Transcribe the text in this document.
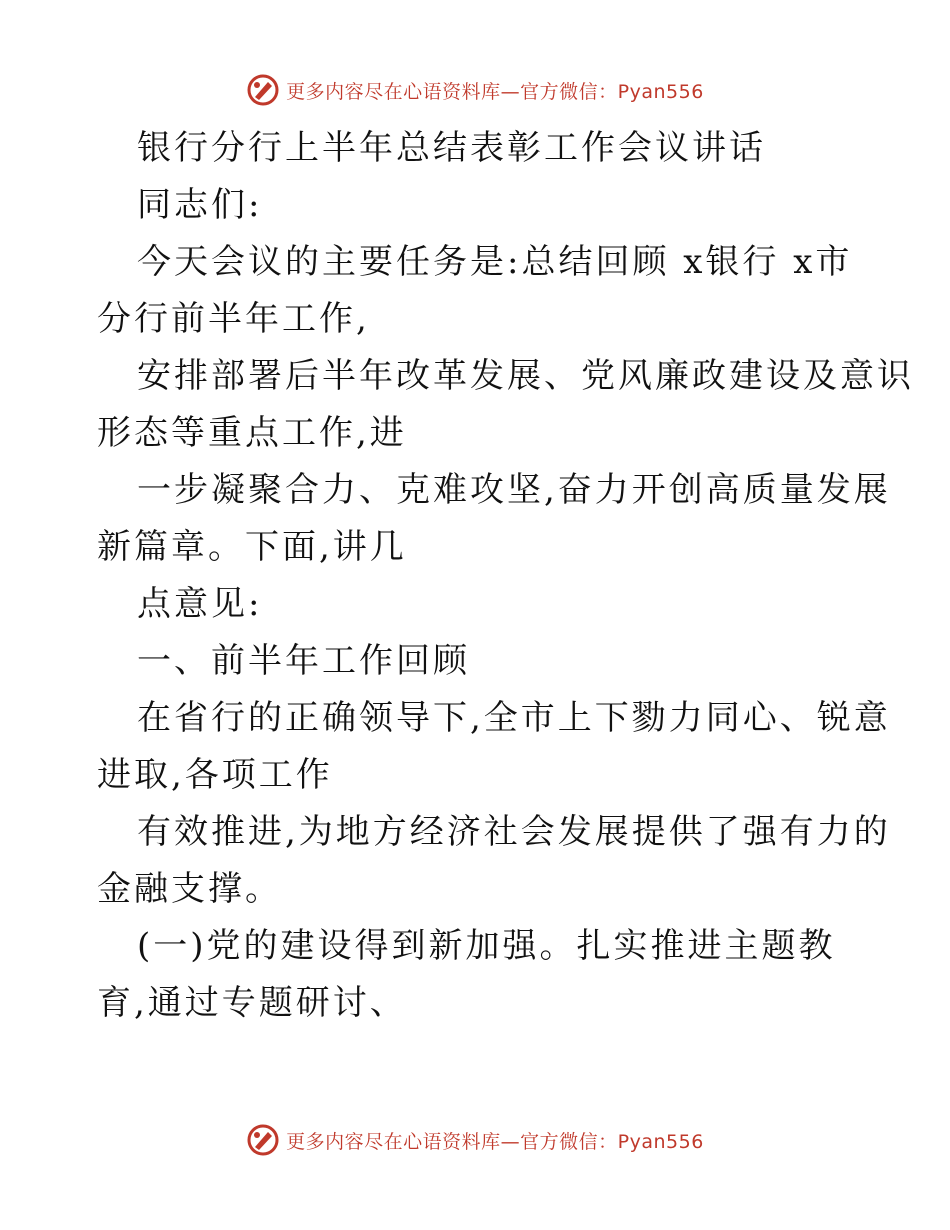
更多内容尽在心语资料库—官方微信：Pyan556
银行分行上半年总结表彰工作会议讲话
同志们:
今天会议的主要任务是:总结回顾 x银行 x市
分行前半年工作,
安排部署后半年改革发展、党风廉政建设及意识
形态等重点工作,进
一步凝聚合力、克难攻坚,奋力开创高质量发展
新篇章。下面,讲几
点意见:
一、前半年工作回顾
在省行的正确领导下,全市上下勠力同心、锐意
进取,各项工作
有效推进,为地方经济社会发展提供了强有力的
金融支撑。
(一)党的建设得到新加强。扎实推进主题教
育,通过专题研讨、
更多内容尽在心语资料库—官方微信：Pyan556
